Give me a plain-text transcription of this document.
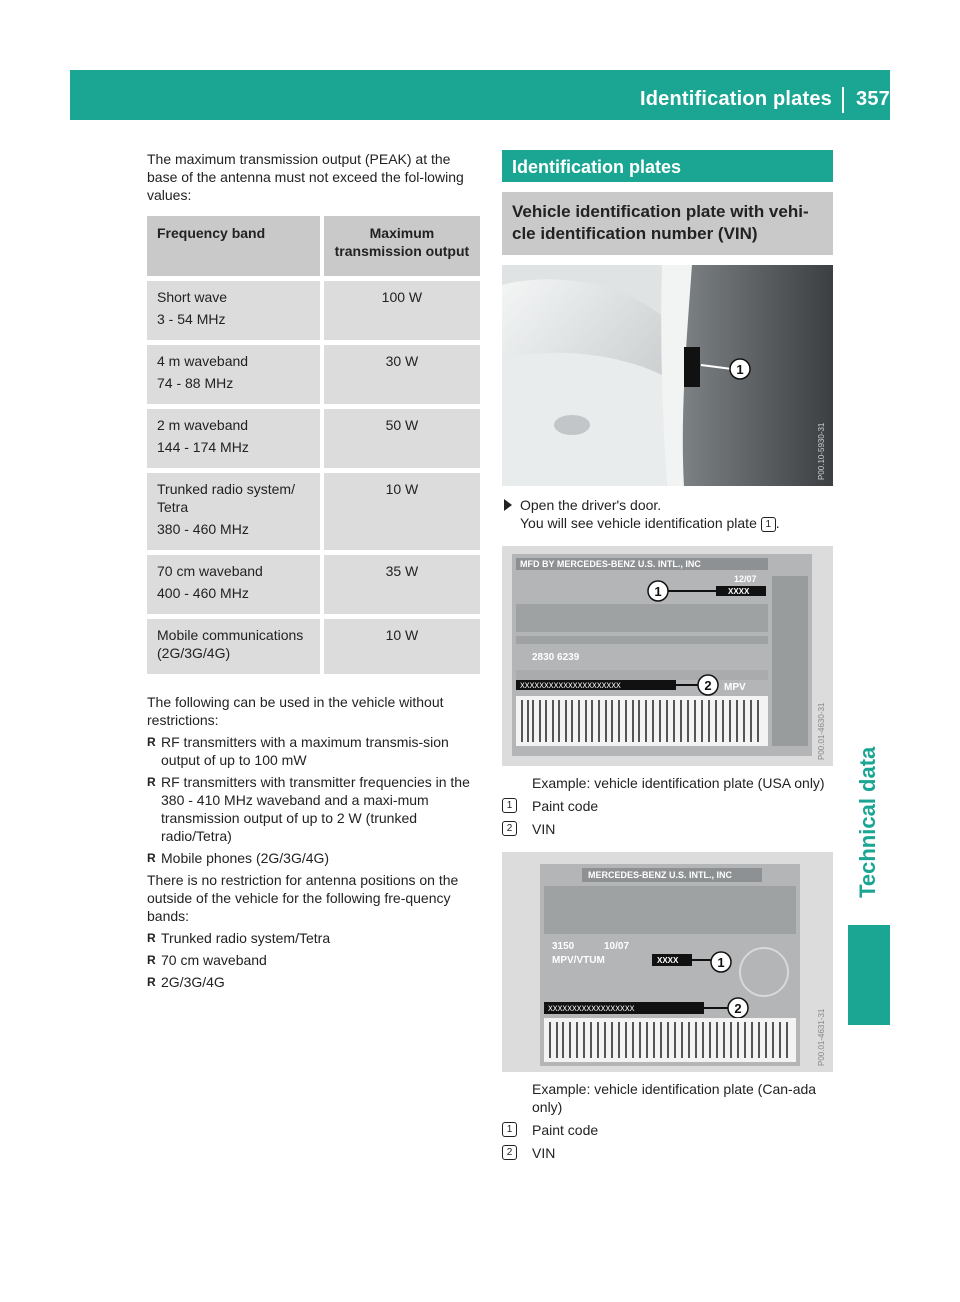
Identification plates 357
Technical data

The maximum transmission output (PEAK) at the base of the antenna must not exceed the fol-lowing values:

Frequency band	Maximum transmission output
Short wave
3 - 54 MHz	100 W
4 m waveband
74 - 88 MHz	30 W
2 m waveband
144 - 174 MHz	50 W
Trunked radio system/ Tetra
380 - 460 MHz	10 W
70 cm waveband
400 - 460 MHz	35 W
Mobile communications (2G/3G/4G)	10 W

The following can be used in the vehicle without restrictions:

R RF transmitters with a maximum transmis-sion output of up to 100 mW
R RF transmitters with transmitter frequencies in the 380 - 410 MHz waveband and a maxi-mum transmission output of up to 2 W (trunked radio/Tetra)
R Mobile phones (2G/3G/4G)

There is no restriction for antenna positions on the outside of the vehicle for the following fre-quency bands:

R Trunked radio system/Tetra
R 70 cm waveband
R 2G/3G/4G
Identification plates
Vehicle identification plate with vehi-cle identification number (VIN)
1
P00.10-5930-31
Open the driver's door.
You will see vehicle identification plate 1 .
MFD BY MERCEDES-BENZ U.S. INTL., INC
12/07
XXXX
1
2830 6239
XXXXXXXXXXXXXXXXXXXXX	2 MPV
P00.01-4630-31
Example: vehicle identification plate (USA only)
1	Paint code
2	VIN
MERCEDES-BENZ U.S. INTL., INC
3150	10/07
MPV/VTUM	XXXX	1
XXXXXXXXXXXXXXXXXX	2
P00.01-4631-31
Example: vehicle identification plate (Can-ada only)
1	Paint code
2	VIN
